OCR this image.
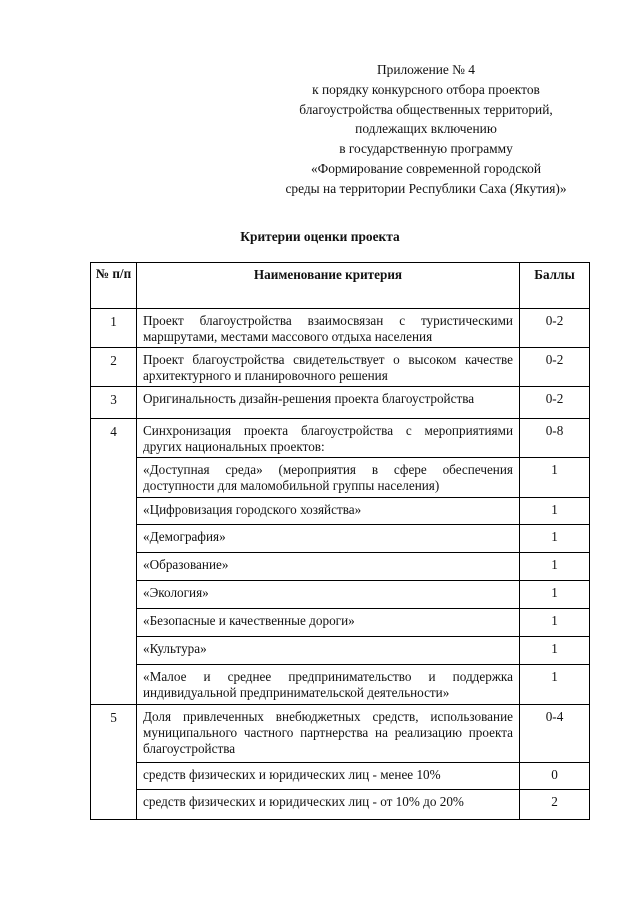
Приложение № 4
к порядку конкурсного отбора проектов
благоустройства общественных территорий,
подлежащих включению
в государственную программу
«Формирование современной городской
среды на территории Республики Саха (Якутия)»
Критерии оценки проекта
№ п/п	Наименование критерия	Баллы
1	Проект благоустройства взаимосвязан с туристическими маршрутами, местами массового отдыха населения	0-2
2	Проект благоустройства свидетельствует о высоком качестве архитектурного и планировочного решения	0-2
3	Оригинальность дизайн-решения проекта благоустройства	0-2
4	Синхронизация проекта благоустройства с мероприятиями других национальных проектов:	0-8
	«Доступная среда» (мероприятия в сфере обеспечения доступности для маломобильной группы населения)	1
	«Цифровизация городского хозяйства»	1
	«Демография»	1
	«Образование»	1
	«Экология»	1
	«Безопасные и качественные дороги»	1
	«Культура»	1
	«Малое и среднее предпринимательство и поддержка индивидуальной предпринимательской деятельности»	1
5	Доля привлеченных внебюджетных средств, использование муниципального частного партнерства на реализацию проекта благоустройства	0-4
	средств физических и юридических лиц - менее 10%	0
	средств физических и юридических лиц - от 10% до 20%	2
